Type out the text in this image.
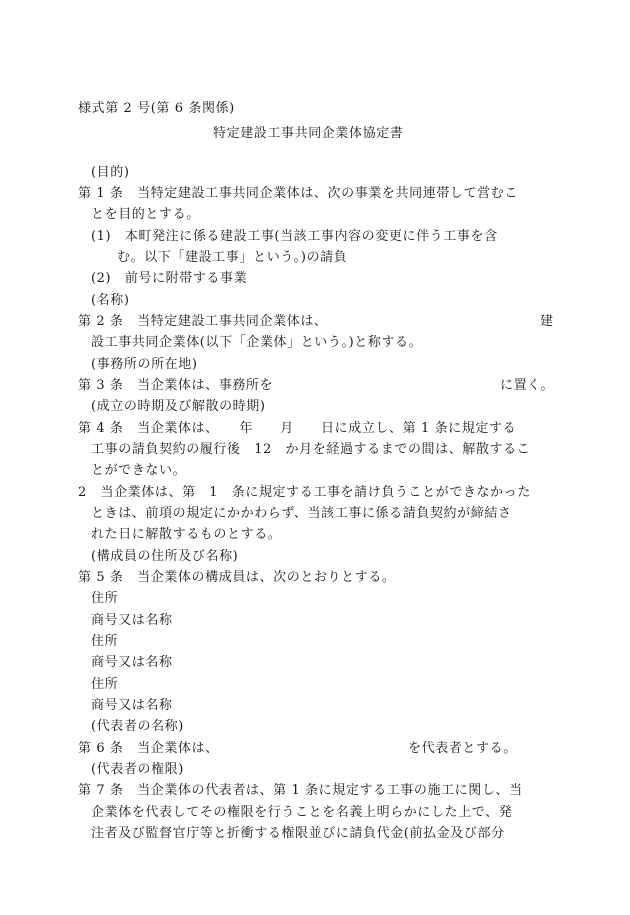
様式第 2 号(第 6 条関係)
特定建設工事共同企業体協定書
(目的)
第 1 条　当特定建設工事共同企業体は、次の事業を共同連帯して営むこ
とを目的とする。
(1)　本町発注に係る建設工事(当該工事内容の変更に伴う工事を含
む。以下「建設工事」という。)の請負
(2)　前号に附帯する事業
(名称)
第 2 条　当特定建設工事共同企業体は、	建
設工事共同企業体(以下「企業体」という。)と称する。
(事務所の所在地)
第 3 条　当企業体は、事務所を	に置く。
(成立の時期及び解散の時期)
第 4 条　当企業体は、　　年　　月　　日に成立し、第 1 条に規定する
工事の請負契約の履行後　12　か月を経過するまでの間は、解散するこ
とができない。
2　当企業体は、第　1　条に規定する工事を請け負うことができなかった
ときは、前項の規定にかかわらず、当該工事に係る請負契約が締結さ
れた日に解散するものとする。
(構成員の住所及び名称)
第 5 条　当企業体の構成員は、次のとおりとする。
住所
商号又は名称
住所
商号又は名称
住所
商号又は名称
(代表者の名称)
第 6 条　当企業体は、	を代表者とする。
(代表者の権限)
第 7 条　当企業体の代表者は、第 1 条に規定する工事の施工に関し、当
企業体を代表してその権限を行うことを名義上明らかにした上で、発
注者及び監督官庁等と折衝する権限並びに請負代金(前払金及び部分
